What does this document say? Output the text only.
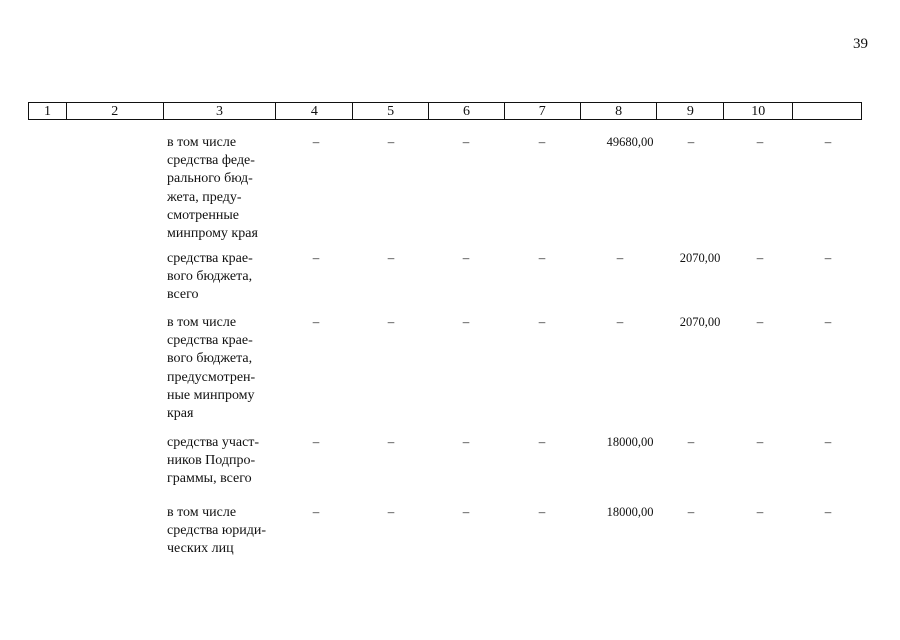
39
1	2	3	4	5	6	7	8	9	10
в том числе
средства феде-
рального бюд-
жета, преду-
смотренные
минпрому края
–	–	–	–	49680,00	–	–	–
средства крае-
вого бюджета,
всего
–	–	–	–	–	2070,00	–	–
в том числе
средства крае-
вого бюджета,
предусмотрен-
ные минпрому
края
–	–	–	–	–	2070,00	–	–
средства участ-
ников Подпро-
граммы, всего
–	–	–	–	18000,00	–	–	–
в том числе
средства юриди-
ческих лиц
–	–	–	–	18000,00	–	–	–
